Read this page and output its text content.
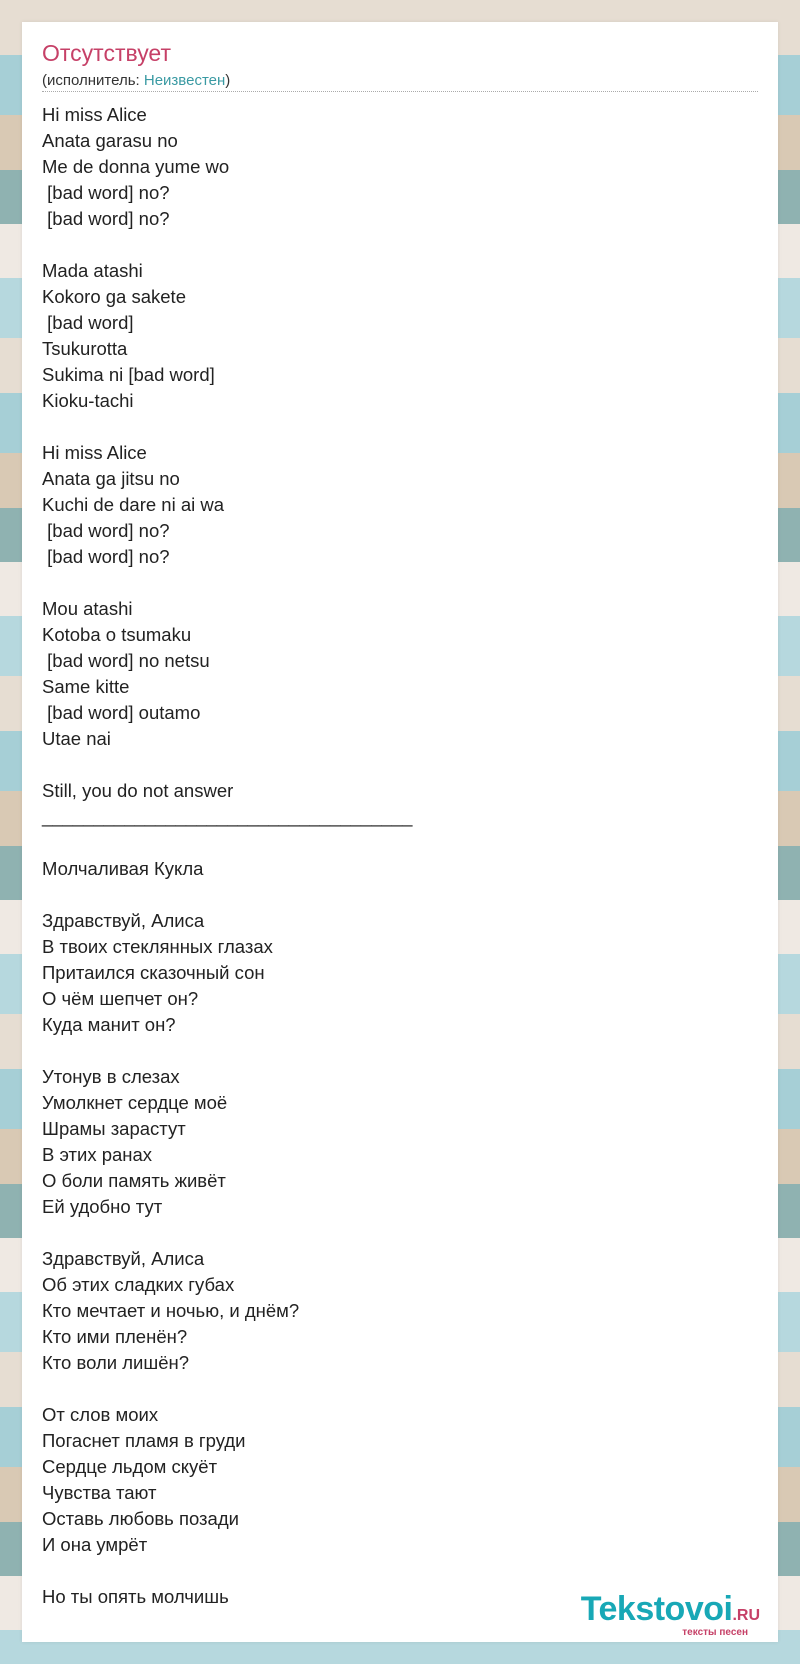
Отсутствует
(исполнитель: Неизвестен)
Hi miss Alice
Anata garasu no
Me de donna yume wo
[bad word] no?
[bad word] no?

Mada atashi
Kokoro ga sakete
[bad word]
Tsukurotta
Sukima ni [bad word]
Kioku-tachi

Hi miss Alice
Anata ga jitsu no
Kuchi de dare ni ai wa
[bad word] no?
[bad word] no?

Mou atashi
Kotoba o tsumaku
[bad word] no netsu
Same kitte
[bad word] outamo
Utae nai

Still, you do not answer
____________________________________

Молчаливая Кукла

Здравствуй, Алиса
В твоих стеклянных глазах
Притаился сказочный сон
О чём шепчет он?
Куда манит он?

Утонув в слезах
Умолкнет сердце моё
Шрамы зарастут
В этих ранах
О боли память живёт
Ей удобно тут

Здравствуй, Алиса
Об этих сладких губах
Кто мечтает и ночью, и днём?
Кто ими пленён?
Кто воли лишён?

От слов моих
Погаснет пламя в груди
Сердце льдом скуёт
Чувства тают
Оставь любовь позади
И она умрёт

Но ты опять молчишь	Tekstovoi.RU
тексты песен
